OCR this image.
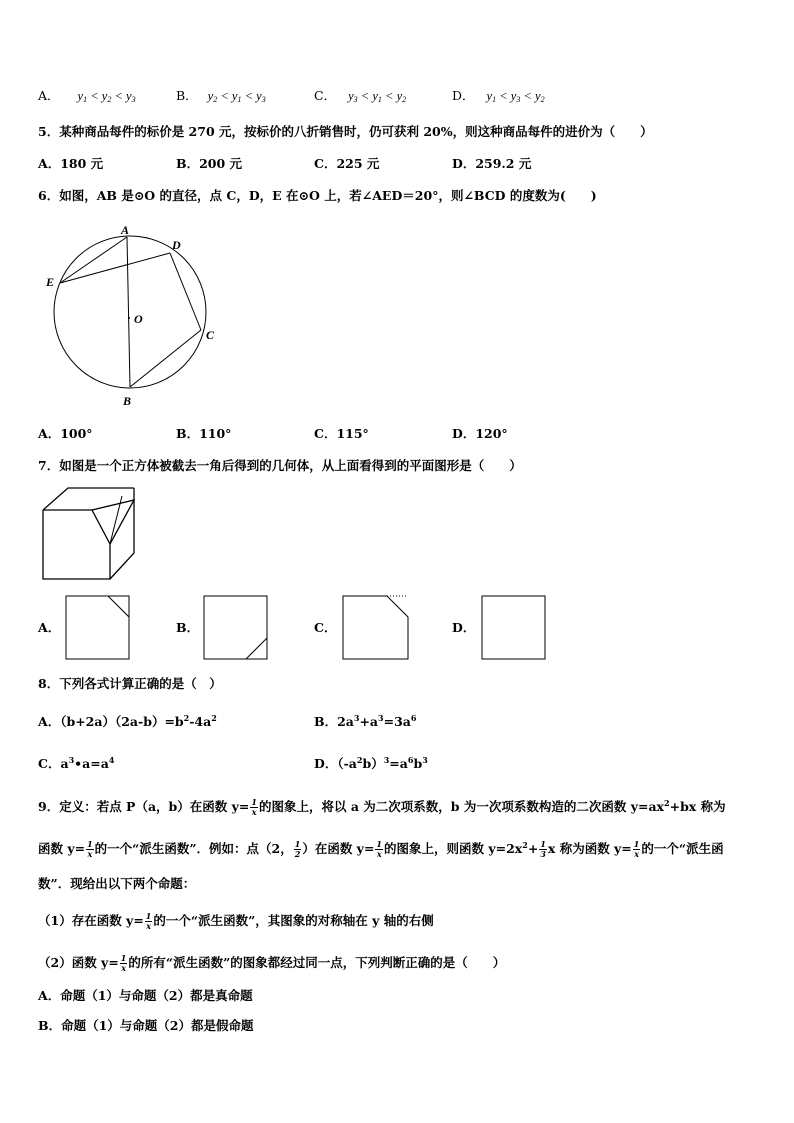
A． $y_1 < y_2 < y_3$	B． $y_2 < y_1 < y_3$	C． $y_3 < y_1 < y_2$	D． $y_1 < y_3 < y_2$
5．某种商品每件的标价是 270 元，按标价的八折销售时，仍可获利 20%，则这种商品每件的进价为（　　）
A．180 元	B．200 元	C．225 元	D．259.2 元
6．如图，AB 是⊙O 的直径，点 C，D，E 在⊙O 上，若∠AED＝20°，则∠BCD 的度数为(　　)
A
D
E
O
C
B
A．100°	B．110°	C．115°	D．120°
7．如图是一个正方体被截去一角后得到的几何体，从上面看得到的平面图形是（　　）
A．	B．	C．	D．
8．下列各式计算正确的是（　）
A．$(b+2a)(2a-b)=b^2-4a^2$	B．$2a^3+a^3=3a^6$
C．$a^3•a=a^4$	D．$(-a^2b)^3=a^6b^3$
9．定义：若点 P（a，b）在函数 $y= \frac{1}{x}$ 的图象上，将以 a 为二次项系数，b 为一次项系数构造的二次函数 $y=ax^2+bx$ 称为
函数 $y= \frac{1}{x}$ 的一个“派生函数”．例如：点（2， $\frac{1}{2}$ ）在函数 $y= \frac{1}{x}$ 的图象上，则函数 $y=2x^2+ \frac{1}{3}$ x 称为函数 $y= \frac{1}{x}$ 的一个“派生函
数”．现给出以下两个命题：
（1）存在函数 $y= \frac{1}{x}$ 的一个“派生函数”，其图象的对称轴在 y 轴的右侧
（2）函数 $y= \frac{1}{x}$ 的所有“派生函数”的图象都经过同一点，下列判断正确的是（　　）
A．命题（1）与命题（2）都是真命题
B．命题（1）与命题（2）都是假命题
